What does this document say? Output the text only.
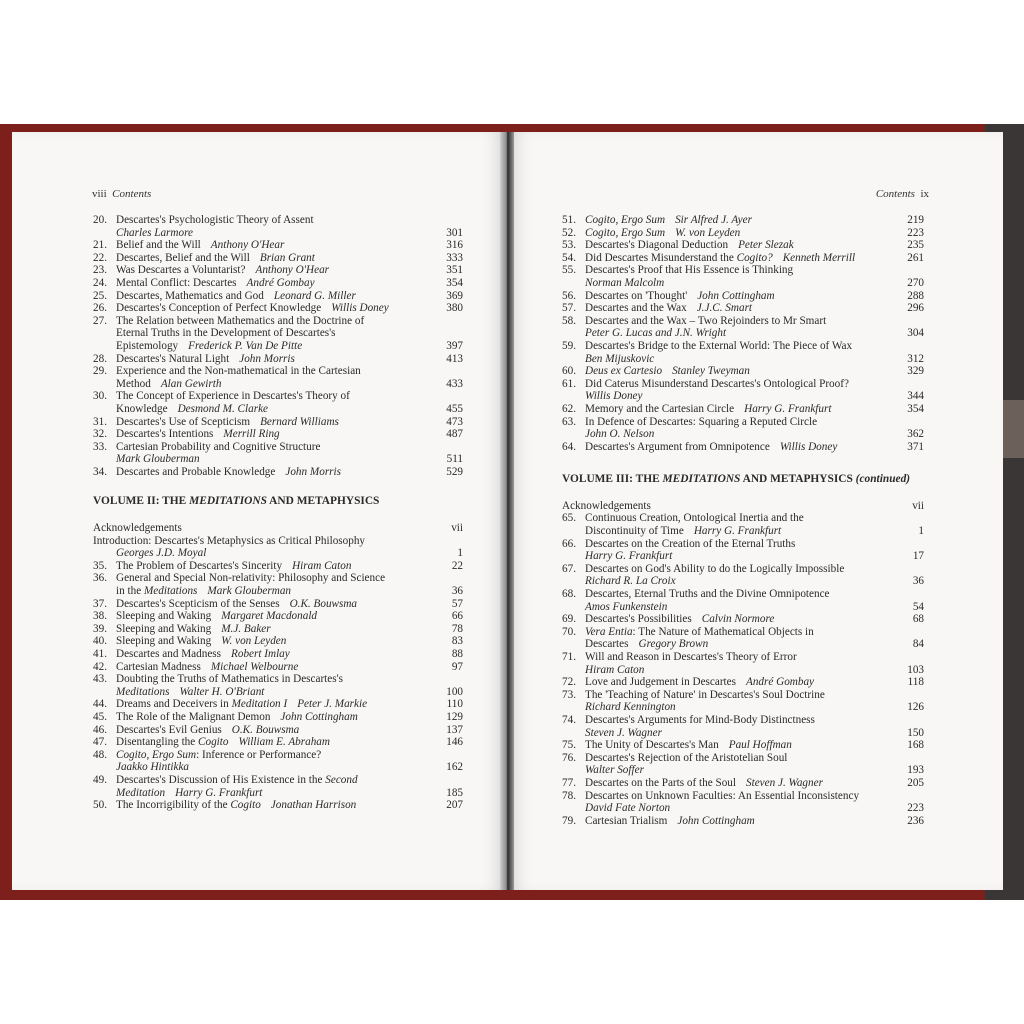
viii Contents
20. Descartes's Psychologistic Theory of Assent
Charles Larmore	301
21. Belief and the Will Anthony O'Hear	316
22. Descartes, Belief and the Will Brian Grant	333
23. Was Descartes a Voluntarist? Anthony O'Hear	351
24. Mental Conflict: Descartes André Gombay	354
25. Descartes, Mathematics and God Leonard G. Miller	369
26. Descartes's Conception of Perfect Knowledge Willis Doney	380
27. The Relation between Mathematics and the Doctrine of
Eternal Truths in the Development of Descartes's
Epistemology Frederick P. Van De Pitte	397
28. Descartes's Natural Light John Morris	413
29. Experience and the Non-mathematical in the Cartesian
Method Alan Gewirth	433
30. The Concept of Experience in Descartes's Theory of
Knowledge Desmond M. Clarke	455
31. Descartes's Use of Scepticism Bernard Williams	473
32. Descartes's Intentions Merrill Ring	487
33. Cartesian Probability and Cognitive Structure
Mark Glouberman	511
34. Descartes and Probable Knowledge John Morris	529
VOLUME II: THE MEDITATIONS AND METAPHYSICS
Acknowledgements	vii
Introduction: Descartes's Metaphysics as Critical Philosophy
Georges J.D. Moyal	1
35. The Problem of Descartes's Sincerity Hiram Caton	22
36. General and Special Non-relativity: Philosophy and Science
in the Meditations Mark Glouberman	36
37. Descartes's Scepticism of the Senses O.K. Bouwsma	57
38. Sleeping and Waking Margaret Macdonald	66
39. Sleeping and Waking M.J. Baker	78
40. Sleeping and Waking W. von Leyden	83
41. Descartes and Madness Robert Imlay	88
42. Cartesian Madness Michael Welbourne	97
43. Doubting the Truths of Mathematics in Descartes's
Meditations Walter H. O'Briant	100
44. Dreams and Deceivers in Meditation I Peter J. Markie	110
45. The Role of the Malignant Demon John Cottingham	129
46. Descartes's Evil Genius O.K. Bouwsma	137
47. Disentangling the Cogito William E. Abraham	146
48. Cogito, Ergo Sum: Inference or Performance?
Jaakko Hintikka	162
49. Descartes's Discussion of His Existence in the Second
Meditation Harry G. Frankfurt	185
50. The Incorrigibility of the Cogito Jonathan Harrison	207
Contents ix
51. Cogito, Ergo Sum Sir Alfred J. Ayer	219
52. Cogito, Ergo Sum W. von Leyden	223
53. Descartes's Diagonal Deduction Peter Slezak	235
54. Did Descartes Misunderstand the Cogito? Kenneth Merrill	261
55. Descartes's Proof that His Essence is Thinking
Norman Malcolm	270
56. Descartes on 'Thought' John Cottingham	288
57. Descartes and the Wax J.J.C. Smart	296
58. Descartes and the Wax – Two Rejoinders to Mr Smart
Peter G. Lucas and J.N. Wright	304
59. Descartes's Bridge to the External World: The Piece of Wax
Ben Mijuskovic	312
60. Deus ex Cartesio Stanley Tweyman	329
61. Did Caterus Misunderstand Descartes's Ontological Proof?
Willis Doney	344
62. Memory and the Cartesian Circle Harry G. Frankfurt	354
63. In Defence of Descartes: Squaring a Reputed Circle
John O. Nelson	362
64. Descartes's Argument from Omnipotence Willis Doney	371
VOLUME III: THE MEDITATIONS AND METAPHYSICS (continued)
Acknowledgements	vii
65. Continuous Creation, Ontological Inertia and the
Discontinuity of Time Harry G. Frankfurt	1
66. Descartes on the Creation of the Eternal Truths
Harry G. Frankfurt	17
67. Descartes on God's Ability to do the Logically Impossible
Richard R. La Croix	36
68. Descartes, Eternal Truths and the Divine Omnipotence
Amos Funkenstein	54
69. Descartes's Possibilities Calvin Normore	68
70. Vera Entia: The Nature of Mathematical Objects in
Descartes Gregory Brown	84
71. Will and Reason in Descartes's Theory of Error
Hiram Caton	103
72. Love and Judgement in Descartes André Gombay	118
73. The 'Teaching of Nature' in Descartes's Soul Doctrine
Richard Kennington	126
74. Descartes's Arguments for Mind-Body Distinctness
Steven J. Wagner	150
75. The Unity of Descartes's Man Paul Hoffman	168
76. Descartes's Rejection of the Aristotelian Soul
Walter Soffer	193
77. Descartes on the Parts of the Soul Steven J. Wagner	205
78. Descartes on Unknown Faculties: An Essential Inconsistency
David Fate Norton	223
79. Cartesian Trialism John Cottingham	236
